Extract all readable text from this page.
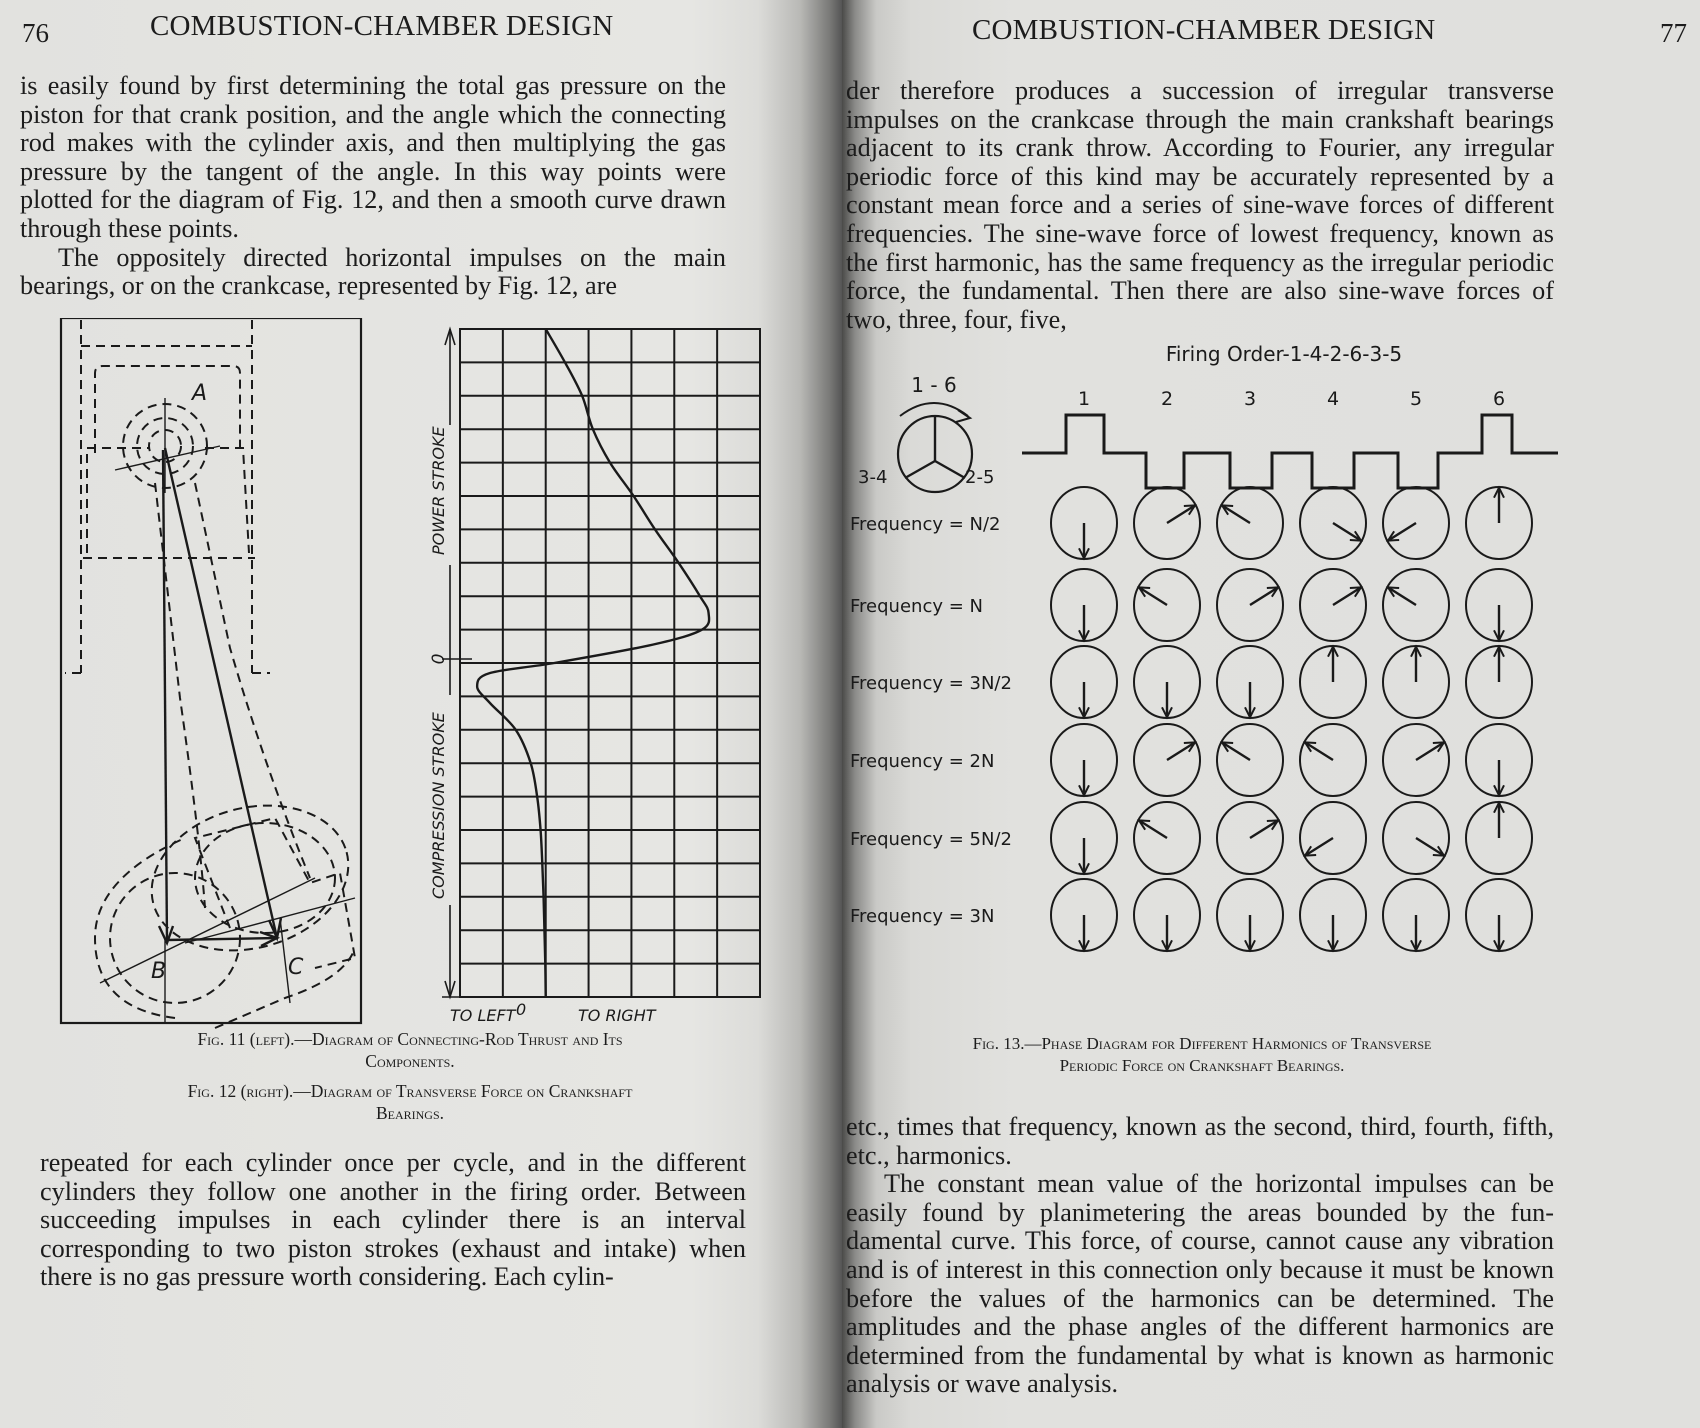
76	COMBUSTION-CHAMBER DESIGN

is easily found by first determining the total gas pressure on the piston for that crank position, and the angle which the connecting rod makes with the cylinder axis, and then multiplying the gas pressure by the tangent of the angle. In this way points were plotted for the diagram of Fig. 12, and then a smooth curve drawn through these points.

The oppositely directed horizontal impulses on the main bearings, or on the crankcase, represented by Fig. 12, are

A
B	C
POWER STROKE
0
COMPRESSION STROKE
TO LEFT 0	TO RIGHT
Fig. 11 (left).—Diagram of Connecting-Rod Thrust and Its
Components.
Fig. 12 (right).—Diagram of Transverse Force on Crankshaft
Bearings.

repeated for each cylinder once per cycle, and in the different cylinders they follow one another in the firing order. Between succeeding impulses in each cylinder there is an interval corresponding to two piston strokes (exhaust and intake) when there is no gas pressure worth considering. Each cylin-

COMBUSTION-CHAMBER DESIGN	77

der therefore produces a succession of irregular transverse impulses on the crankcase through the main crankshaft bearings adjacent to its crank throw. According to Fourier, any irregular periodic force of this kind may be accurately represented by a constant mean force and a series of sine-wave forces of different frequencies. The sine-wave force of lowest frequency, known as the first harmonic, has the same frequency as the irregular periodic force, the fundamental. Then there are also sine-wave forces of two, three, four, five,

Firing Order-1-4-2-6-3-5
1 - 6
3-4	2-5
1	2	3	4	5	6
Frequency = N/2
Frequency = N
Frequency = 3N/2
Frequency = 2N
Frequency = 5N/2
Frequency = 3N
Fig. 13.—Phase Diagram for Different Harmonics of Transverse
Periodic Force on Crankshaft Bearings.

etc., times that frequency, known as the second, third, fourth, fifth, etc., harmonics.

The constant mean value of the horizontal impulses can be easily found by planimetering the areas bounded by the fundamental curve. This force, of course, cannot cause any vibration and is of interest in this connection only because it must be known before the values of the harmonics can be determined. The amplitudes and the phase angles of the different harmonics are determined from the fundamental by what is known as harmonic analysis or wave analysis.
